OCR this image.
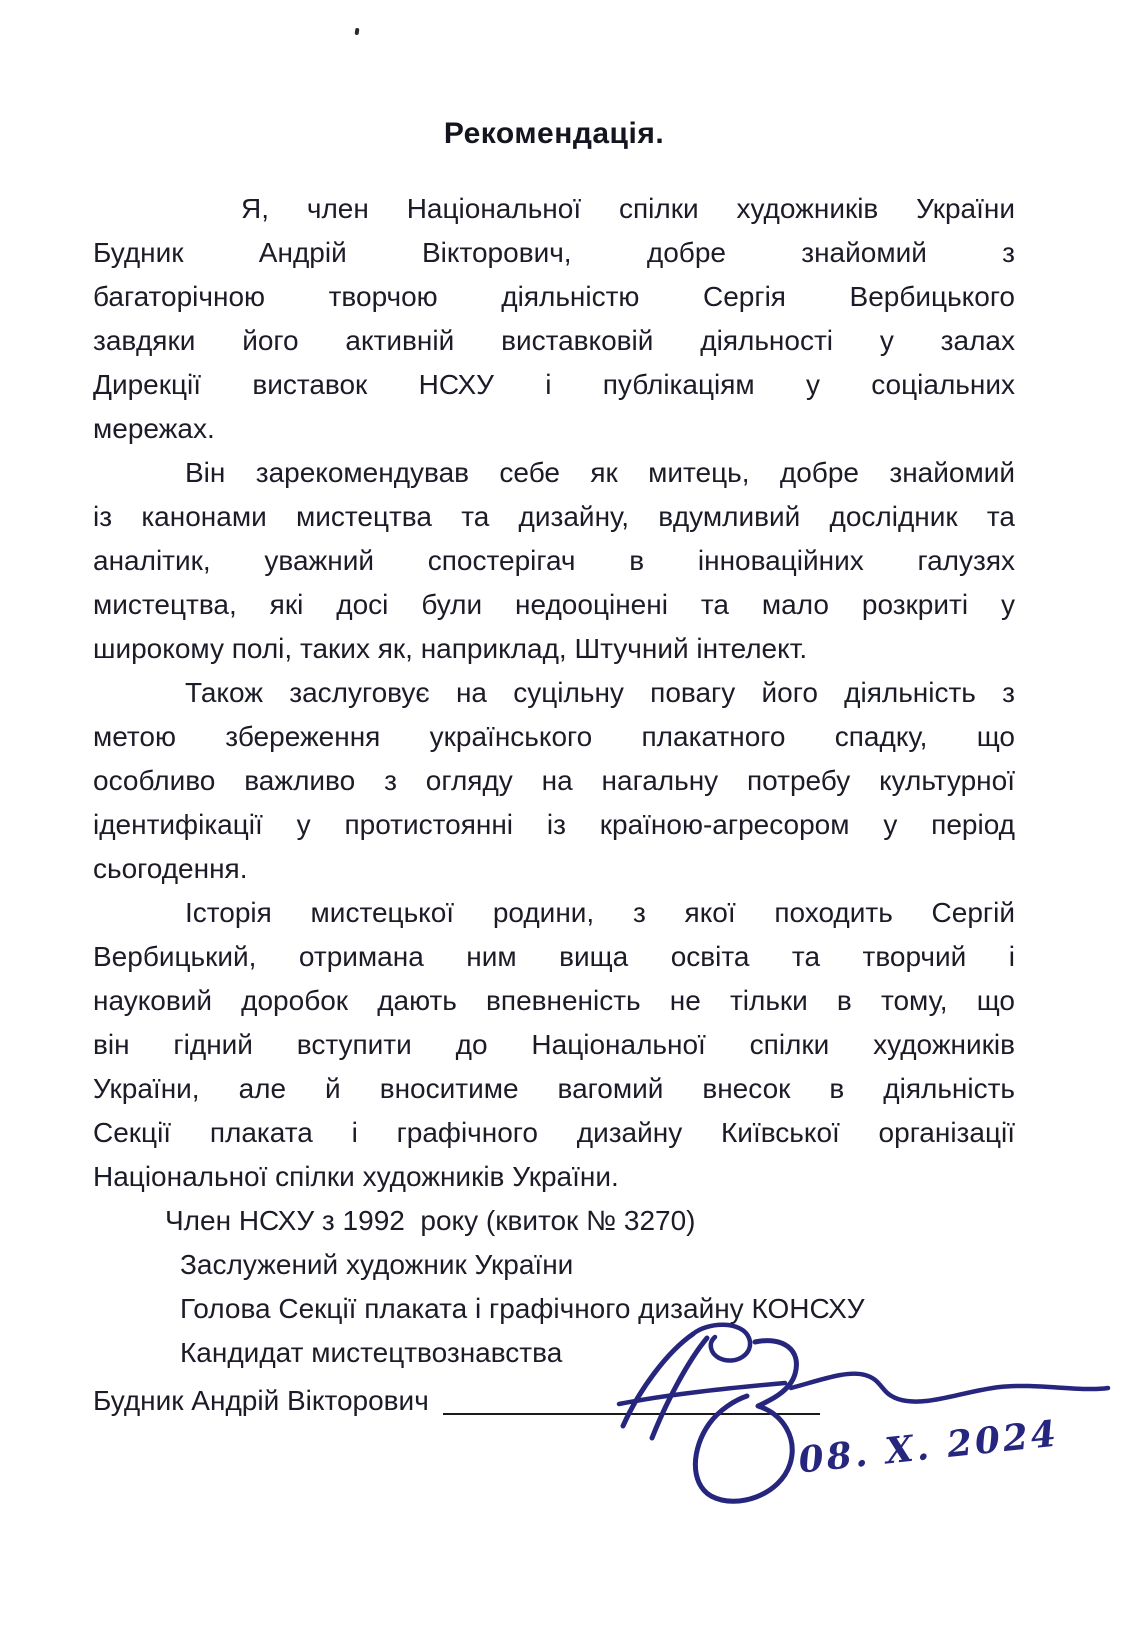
Рекомендація.
Я, член Національної спілки художників України
Будник Андрій Вікторович, добре знайомий з
багаторічною творчою діяльністю Сергія Вербицького
завдяки його активній виставковій діяльності у залах
Дирекції виставок НСХУ і публікаціям у соціальних
мережах.
Він зарекомендував себе як митець, добре знайомий
із канонами мистецтва та дизайну, вдумливий дослідник та
аналітик, уважний спостерігач в інноваційних галузях
мистецтва, які досі були недооцінені та мало розкриті у
широкому полі, таких як, наприклад, Штучний інтелект.
Також заслуговує на суцільну повагу його діяльність з
метою збереження українського плакатного спадку, що
особливо важливо з огляду на нагальну потребу культурної
ідентифікації у протистоянні із країною-агресором у період
сьогодення.
Історія мистецької родини, з якої походить Сергій
Вербицький, отримана ним вища освіта та творчий і
науковий доробок дають впевненість не тільки в тому, що
він гідний вступити до Національної спілки художників
України, але й вноситиме вагомий внесок в діяльність
Секції плаката і графічного дизайну Київської організації
Національної спілки художників України.
Член НСХУ з 1992  року (квиток № 3270)
Заслужений художник України
Голова Секції плаката і графічного дизайну КОНСХУ
Кандидат мистецтвознавства
Будник Андрій Вікторович
08. X. 2024
